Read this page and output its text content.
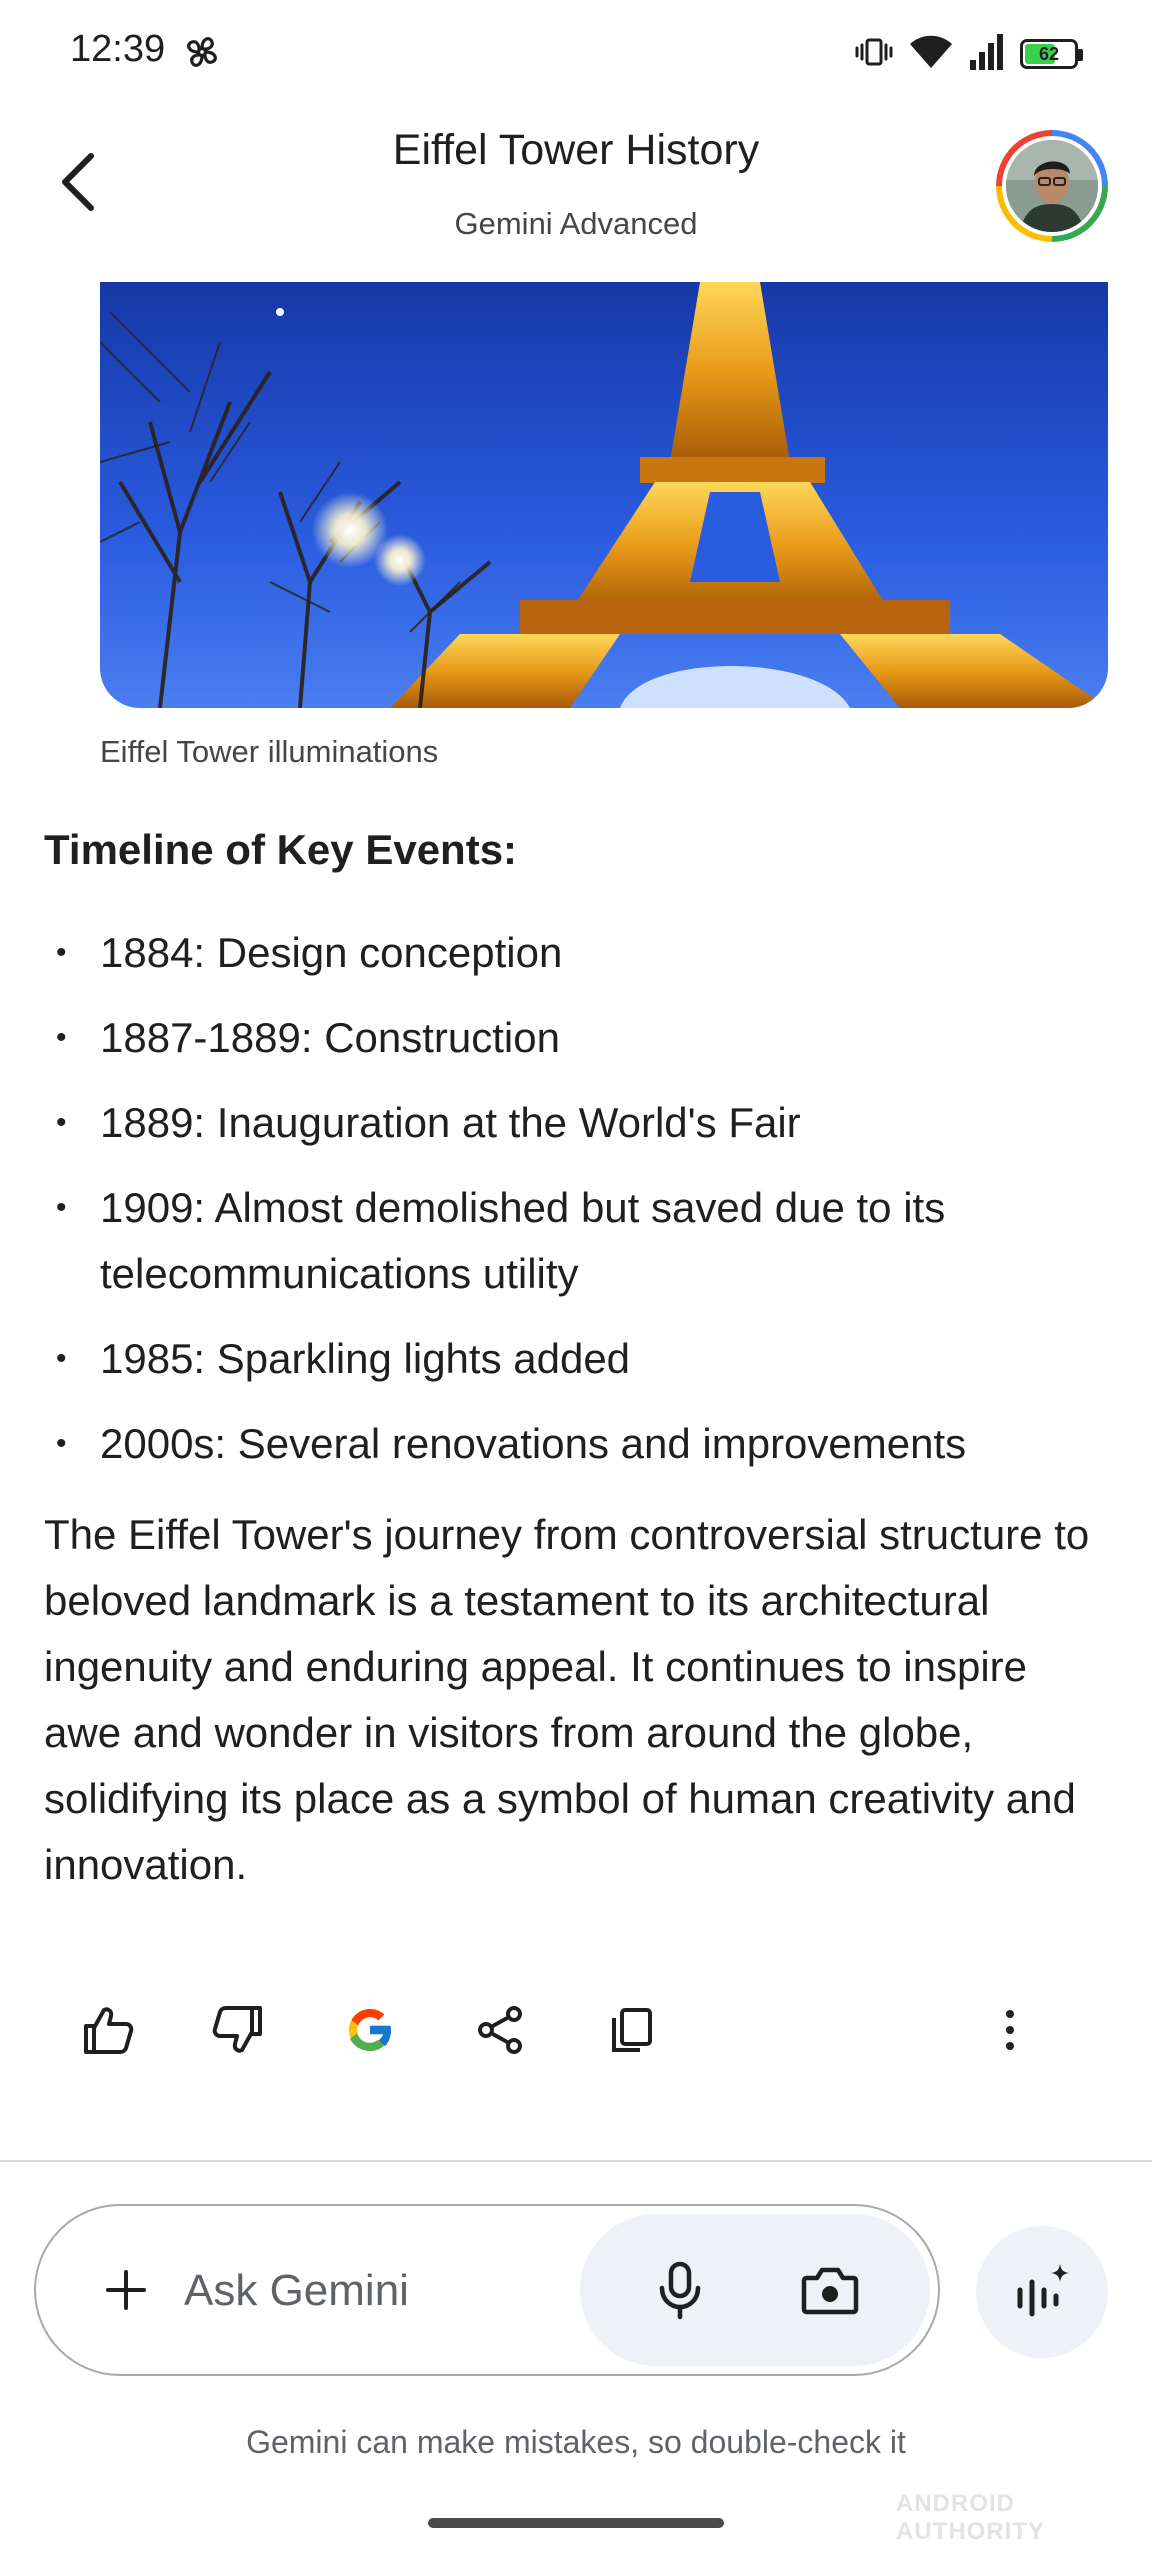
12:39	62
Eiffel Tower History
Gemini Advanced
Eiffel Tower illuminations
Timeline of Key Events:
• 1884: Design conception
• 1887-1889: Construction
• 1889: Inauguration at the World's Fair
• 1909: Almost demolished but saved due to its telecommunications utility
• 1985: Sparkling lights added
• 2000s: Several renovations and improvements
The Eiffel Tower's journey from controversial structure to beloved landmark is a testament to its architectural ingenuity and enduring appeal. It continues to inspire awe and wonder in visitors from around the globe, solidifying its place as a symbol of human creativity and innovation.
Ask Gemini
Gemini can make mistakes, so double-check it
ANDROID AUTHORITY
